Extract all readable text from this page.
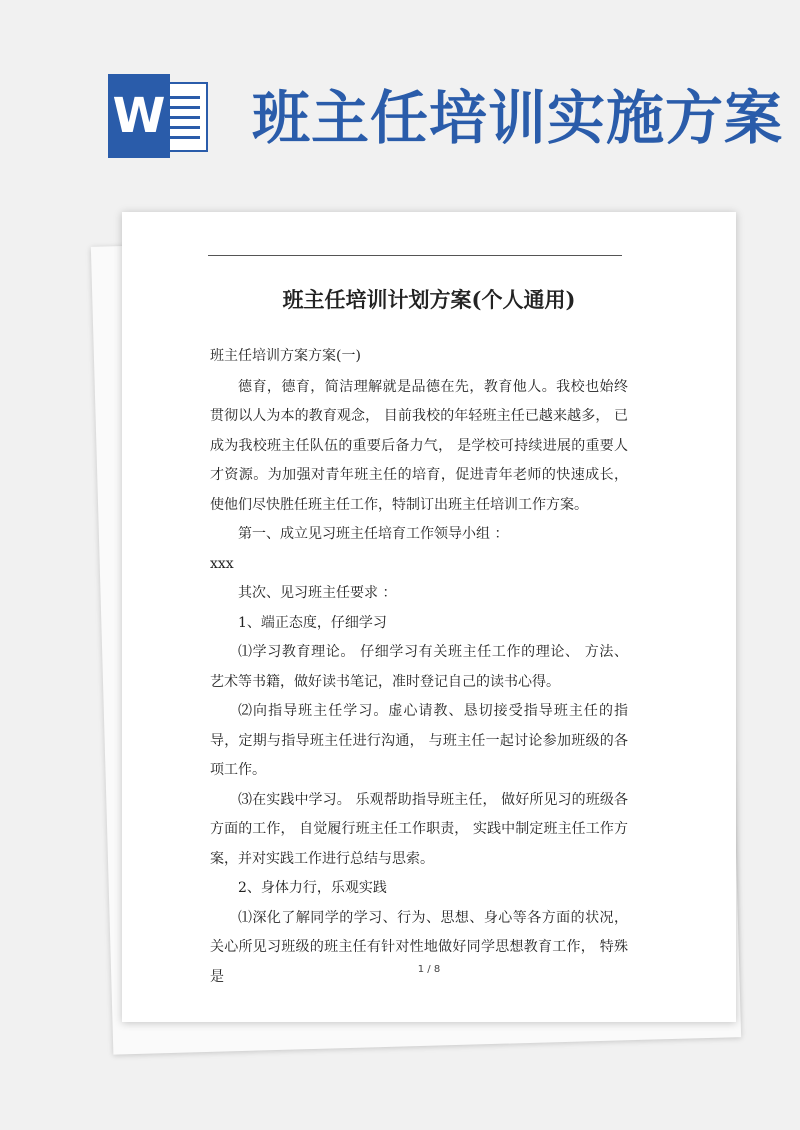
W 班主任培训实施方案
班主任培训计划方案(个人通用)

班主任培训方案方案(一)

德育，德育，简洁理解就是品德在先，教育他人。我校也始终贯彻以人为本的教育观念， 目前我校的年轻班主任已越来越多， 已成为我校班主任队伍的重要后备力气， 是学校可持续进展的重要人才资源。为加强对青年班主任的培育，促进青年老师的快速成长，使他们尽快胜任班主任工作，特制订出班主任培训工作方案。

第一、成立见习班主任培育工作领导小组 ：

xxx

其次、见习班主任要求 ：

1、端正态度，仔细学习

⑴学习教育理论。 仔细学习有关班主任工作的理论、 方法、 艺术等书籍，做好读书笔记，准时登记自己的读书心得。

⑵向指导班主任学习。虚心请教、恳切接受指导班主任的指导，定期与指导班主任进行沟通， 与班主任一起讨论参加班级的各项工作。

⑶在实践中学习。 乐观帮助指导班主任， 做好所见习的班级各方面的工作， 自觉履行班主任工作职责， 实践中制定班主任工作方案，并对实践工作进行总结与思索。

2、身体力行，乐观实践

⑴深化了解同学的学习、行为、思想、身心等各方面的状况，关心所见习班级的班主任有针对性地做好同学思想教育工作， 特殊是	1 / 8
